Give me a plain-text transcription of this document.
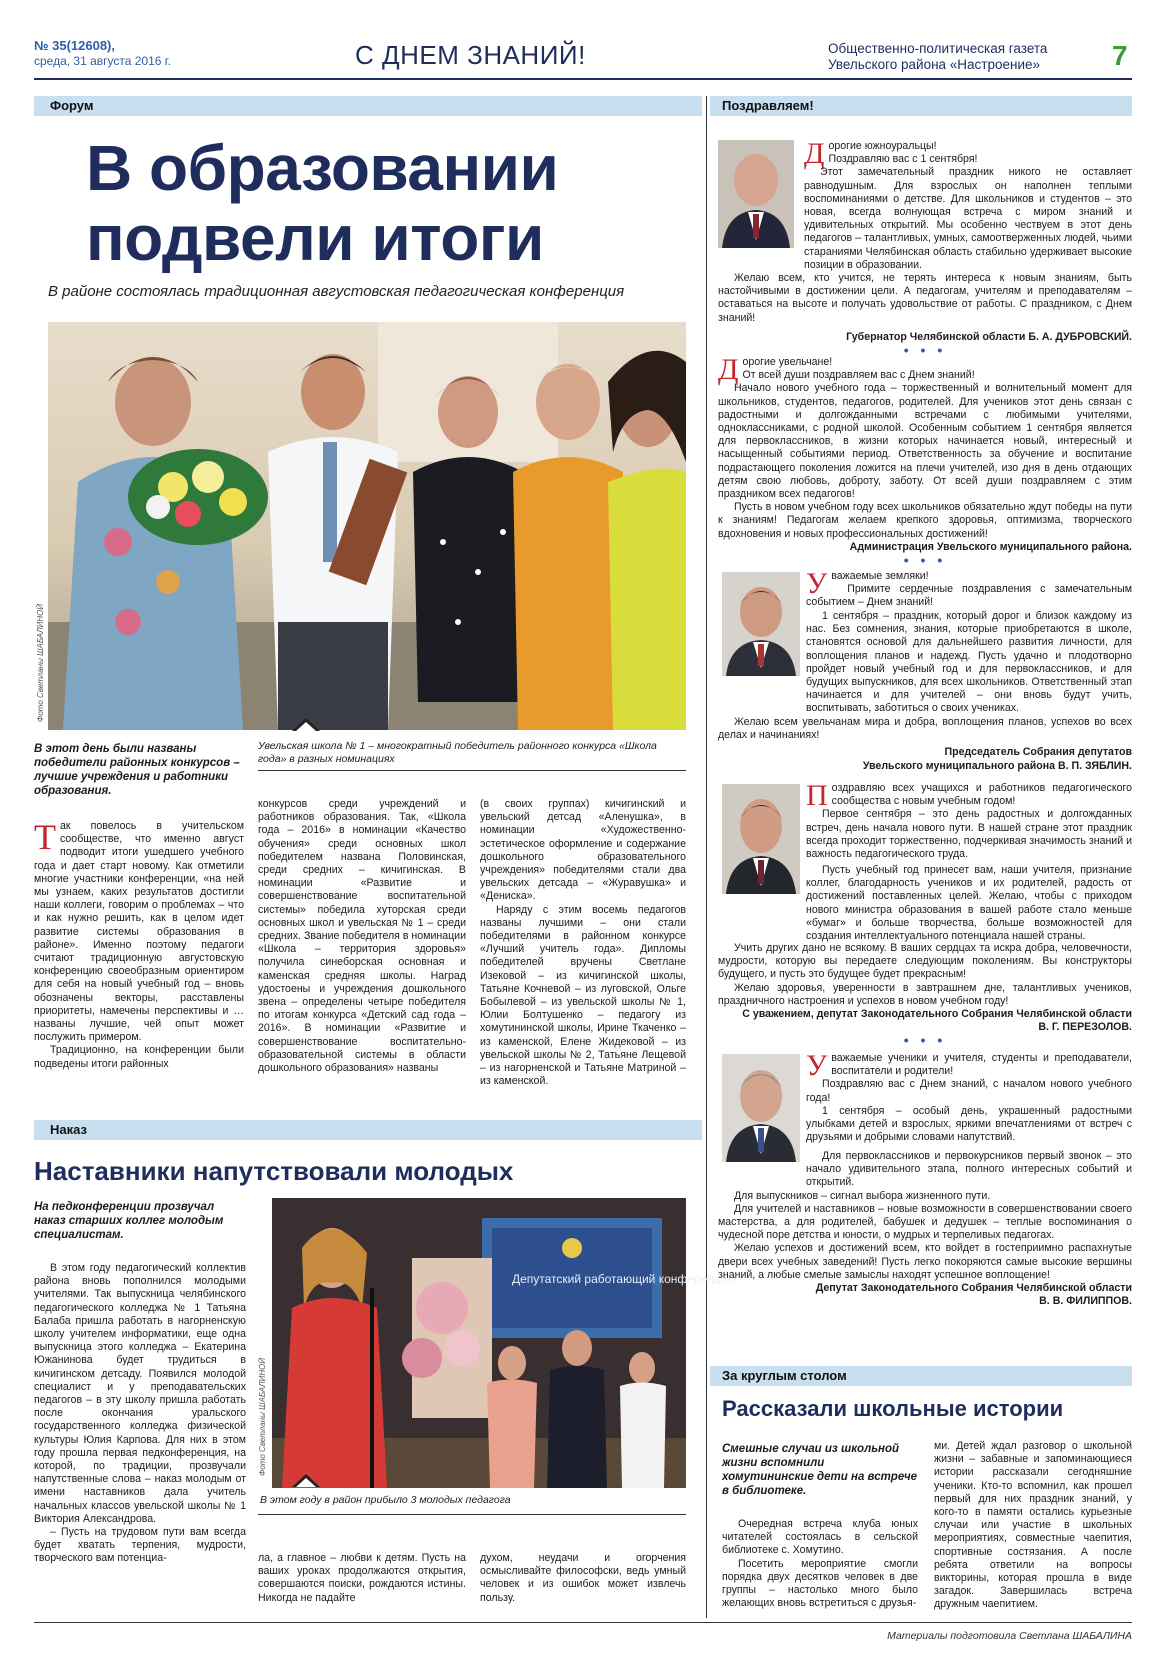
№ 35(12608),
среда, 31 августа 2016 г.	С ДНЕМ ЗНАНИЙ!	Общественно-политическая газета
Увельского района «Настроение»	7
Форум
В образовании
подвели итоги
В районе состоялась традиционная августовская педагогическая конференция
Фото Светланы ШАБАЛИНОЙ
Увельская школа № 1 – многократный победитель районного конкурса «Школа года» в разных номинациях
В этот день были названы победители районных конкурсов – лучшие учреждения и работники образования.
Так повелось в учительском сообществе, что именно август подводит итоги ушедшего учебного года и дает старт новому. Как отметили многие участники конференции, «на ней мы узнаем, каких результатов достигли наши коллеги, говорим о проблемах – что и как нужно решить, как в целом идет развитие системы образования в районе». Именно поэтому педагоги считают традиционную августовскую конференцию своеобразным ориентиром для себя на новый учебный год – вновь обозначены векторы, расставлены приоритеты, намечены перспективы и … названы лучшие, чей опыт может послужить примером.
Традиционно, на конференции были подведены итоги районных
конкурсов среди учреждений и работников образования. Так, «Школа года – 2016» в номинации «Качество обучения» среди основных школ победителем названа Половинская, среди средних – кичигинская. В номинации «Развитие и совершенствование воспитательной системы» победила хуторская среди основных школ и увельская № 1 – среди средних. Звание победителя в номинации «Школа – территория здоровья» получила синеборская основная и каменская средняя школы. Наград удостоены и учреждения дошкольного звена – определены четыре победителя по итогам конкурса «Детский сад года – 2016». В номинации «Развитие и совершенствование воспитательно-образовательной системы в области дошкольного образования» названы
(в своих группах) кичигинский и увельский детсад «Аленушка», в номинации «Художественно-эстетическое оформление и содержание дошкольного образовательного учреждения» победителями стали два увельских детсада – «Журавушка» и «Дениска».
Наряду с этим восемь педагогов названы лучшими – они стали победителями в районном конкурсе «Лучший учитель года». Дипломы победителей вручены Светлане Изековой – из кичигинской школы, Татьяне Кочневой – из луговской, Ольге Бобылевой – из увельской школы № 1, Юлии Болтушенко – педагогу из хомутининской школы, Ирине Ткаченко – из каменской, Елене Жидековой – из увельской школы № 2, Татьяне Лещевой – из нагорненской и Татьяне Матриной – из каменской.
Наказ
Наставники напутствовали молодых
На педконференции прозвучал наказ старших коллег молодым специалистам.
В этом году педагогический коллектив района вновь пополнился молодыми учителями. Так выпускница челябинского педагогического колледжа № 1 Татьяна Балаба пришла работать в нагорненскую школу учителем информатики, еще одна выпускница этого колледжа – Екатерина Южанинова будет трудиться в кичигинском детсаду. Появился молодой специалист и у преподавательских педагогов – в эту школу пришла работать после окончания уральского государственного колледжа физической культуры Юлия Карпова. Для них в этом году прошла первая педконференция, на которой, по традиции, прозвучали напутственные слова – наказ молодым от имени наставников дала учитель начальных классов увельской школы № 1 Виктория Александрова.
– Пусть на трудовом пути вам всегда будет хватать терпения, мудрости, творческого вам потенциа-
Депутатский работающий конференция
Фото Светланы ШАБАЛИНОЙ
В этом году в район прибыло 3 молодых педагога
ла, а главное – любви к детям. Пусть на ваших уроках продолжаются открытия, совершаются поиски, рождаются истины. Никогда не падайте
духом, неудачи и огорчения осмысливайте философски, ведь умный человек и из ошибок может извлечь пользу.
Поздравляем!
Дорогие южноуральцы!
Поздравляю вас с 1 сентября!
Этот замечательный праздник никого не оставляет равнодушным. Для взрослых он наполнен теплыми воспоминаниями о детстве. Для школьников и студентов – это новая, всегда волнующая встреча с миром знаний и удивительных открытий. Мы особенно чествуем в этот день педагогов – талантливых, умных, самоотверженных людей, чьими стараниями Челябинская область стабильно удерживает высокие позиции в образовании.
Желаю всем, кто учится, не терять интереса к новым знаниям, быть настойчивыми в достижении цели. А педагогам, учителям и преподавателям – оставаться на высоте и получать удовольствие от работы. С праздником, с Днем знаний!
Губернатор Челябинской области Б. А. ДУБРОВСКИЙ.
• • •
Дорогие увельчане!
От всей души поздравляем вас с Днем знаний!
Начало нового учебного года – торжественный и волнительный момент для школьников, студентов, педагогов, родителей. Для учеников этот день связан с радостными и долгожданными встречами с любимыми учителями, одноклассниками, с родной школой. Особенным событием 1 сентября является для первоклассников, в жизни которых начинается новый, интересный и насыщенный событиями период. Ответственность за обучение и воспитание подрастающего поколения ложится на плечи учителей, изо дня в день отдающих детям свою любовь, доброту, заботу. От всей души поздравляем с этим праздником всех педагогов!
Пусть в новом учебном году всех школьников обязательно ждут победы на пути к знаниям! Педагогам желаем крепкого здоровья, оптимизма, творческого вдохновения и новых профессиональных достижений!
Администрация Увельского муниципального района.
• • •
Уважаемые земляки!
Примите сердечные поздравления с замечательным событием – Днем знаний!
1 сентября – праздник, который дорог и близок каждому из нас. Без сомнения, знания, которые приобретаются в школе, становятся основой для дальнейшего развития личности, для воплощения планов и надежд. Пусть удачно и плодотворно пройдет новый учебный год и для первоклассников, и для будущих выпускников, для всех школьников. Ответственный этап начинается и для учителей – они вновь будут учить, воспитывать, заботиться о своих учениках.
Желаю всем увельчанам мира и добра, воплощения планов, успехов во всех делах и начинаниях!
Председатель Собрания депутатов
Увельского муниципального района В. П. ЗЯБЛИН.
Поздравляю всех учащихся и работников педагогического сообщества с новым учебным годом!
Первое сентября – это день радостных и долгожданных встреч, день начала нового пути. В нашей стране этот праздник всегда проходит торжественно, подчеркивая значимость знаний и важность педагогического труда.
Пусть учебный год принесет вам, наши учителя, признание коллег, благодарность учеников и их родителей, радость от достижений поставленных целей. Желаю, чтобы с приходом нового министра образования в вашей работе стало меньше «бумаг» и больше творчества, больше возможностей для создания интеллектуального потенциала нашей страны.
Учить других дано не всякому. В ваших сердцах та искра добра, человечности, мудрости, которую вы передаете следующим поколениям. Вы конструкторы будущего, и пусть это будущее будет прекрасным!
Желаю здоровья, уверенности в завтрашнем дне, талантливых учеников, праздничного настроения и успехов в новом учебном году!
С уважением, депутат Законодательного Собрания Челябинской области
В. Г. ПЕРЕЗОЛОВ.
• • •
Уважаемые ученики и учителя, студенты и преподаватели, воспитатели и родители!
Поздравляю вас с Днем знаний, с началом нового учебного года!
1 сентября – особый день, украшенный радостными улыбками детей и взрослых, яркими впечатлениями от встреч с друзьями и добрыми словами напутствий.
Для первоклассников и первокурсников первый звонок – это начало удивительного этапа, полного интересных событий и открытий.
Для выпускников – сигнал выбора жизненного пути.
Для учителей и наставников – новые возможности в совершенствовании своего мастерства, а для родителей, бабушек и дедушек – теплые воспоминания о чудесной поре детства и юности, о мудрых и терпеливых педагогах.
Желаю успехов и достижений всем, кто войдет в гостеприимно распахнутые двери всех учебных заведений! Пусть легко покоряются самые высокие вершины знаний, а любые смелые замыслы находят успешное воплощение!
Депутат Законодательного Собрания Челябинской области
В. В. ФИЛИППОВ.
За круглым столом
Рассказали школьные истории
Смешные случаи из школьной жизни вспомнили хомутининские дети на встрече в библиотеке.
Очередная встреча клуба юных читателей состоялась в сельской библиотеке с. Хомутино.
Посетить мероприятие смогли порядка двух десятков человек в две группы – настолько много было желающих вновь встретиться с друзья-
ми. Детей ждал разговор о школьной жизни – забавные и запоминающиеся истории рассказали сегодняшние ученики. Кто-то вспомнил, как прошел первый для них праздник знаний, у кого-то в памяти остались курьезные случаи или участие в школьных мероприятиях, совместные чаепития, спортивные состязания. А после ребята ответили на вопросы викторины, которая прошла в виде загадок. Завершилась встреча дружным чаепитием.
Материалы подготовила Светлана ШАБАЛИНА
